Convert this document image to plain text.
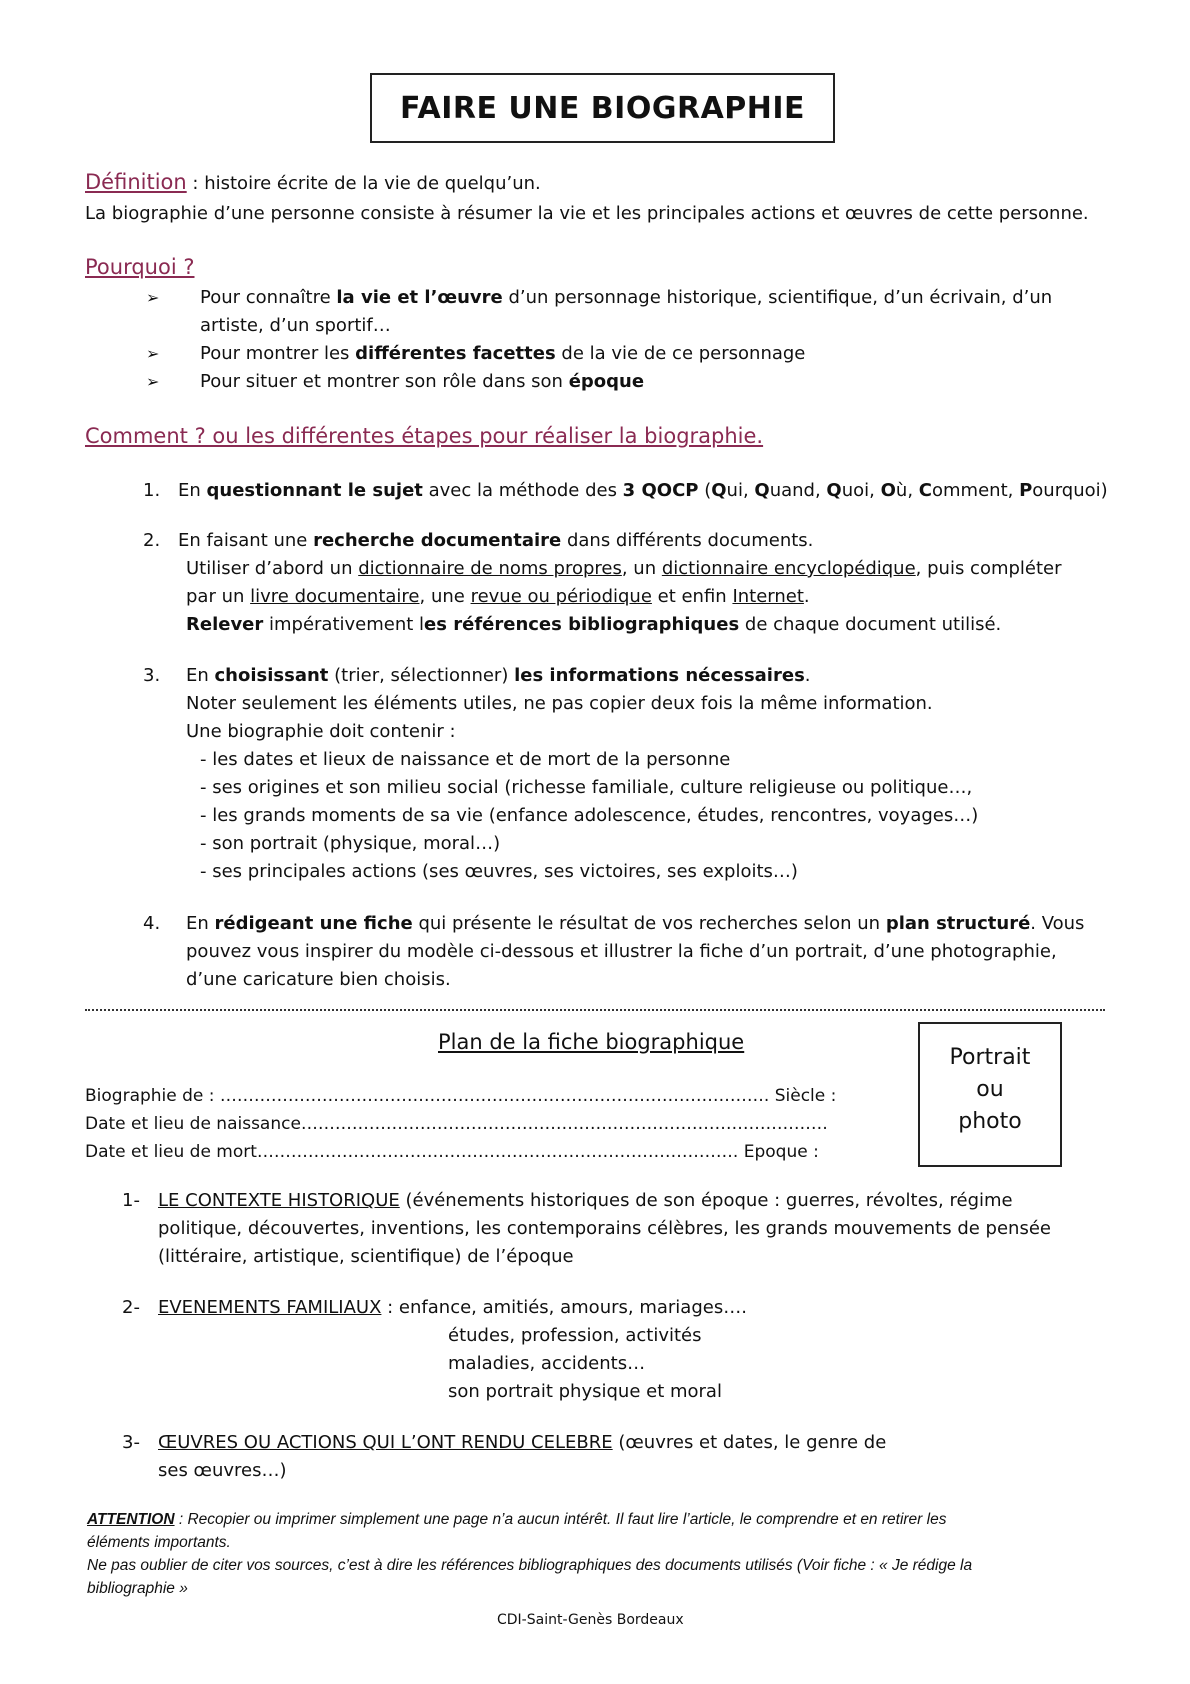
FAIRE UNE BIOGRAPHIE
Définition : histoire écrite de la vie de quelqu’un.
La biographie d’une personne consiste à résumer la vie et les principales actions et œuvres de cette personne.
Pourquoi ?
➢ Pour connaître la vie et l’œuvre d’un personnage historique, scientifique, d’un écrivain, d’un
artiste, d’un sportif…
➢ Pour montrer les différentes facettes de la vie de ce personnage
➢ Pour situer et montrer son rôle dans son époque
Comment ? ou les différentes étapes pour réaliser la biographie.
1. En questionnant le sujet avec la méthode des 3 QOCP (Qui, Quand, Quoi, Où, Comment, Pourquoi)
2. En faisant une recherche documentaire dans différents documents.
Utiliser d’abord un dictionnaire de noms propres, un dictionnaire encyclopédique, puis compléter
par un livre documentaire, une revue ou périodique et enfin Internet.
Relever impérativement les références bibliographiques de chaque document utilisé.
3. En choisissant (trier, sélectionner) les informations nécessaires.
Noter seulement les éléments utiles, ne pas copier deux fois la même information.
Une biographie doit contenir :
- les dates et lieux de naissance et de mort de la personne
- ses origines et son milieu social (richesse familiale, culture religieuse ou politique…,
- les grands moments de sa vie (enfance adolescence, études, rencontres, voyages…)
- son portrait (physique, moral…)
- ses principales actions (ses œuvres, ses victoires, ses exploits…)
4. En rédigeant une fiche qui présente le résultat de vos recherches selon un plan structuré. Vous
pouvez vous inspirer du modèle ci-dessous et illustrer la fiche d’un portrait, d’une photographie,
d’une caricature bien choisis.
Plan de la fiche biographique
Portrait
ou
photo
Biographie de : ……………………………………………………………………………………. Siècle :
Date et lieu de naissance…………………………………………………………………………………
Date et lieu de mort…………………………………………………………………………. Epoque :
1- LE CONTEXTE HISTORIQUE (événements historiques de son époque : guerres, révoltes, régime
politique, découvertes, inventions, les contemporains célèbres, les grands mouvements de pensée
(littéraire, artistique, scientifique) de l’époque
2- EVENEMENTS FAMILIAUX : enfance, amitiés, amours, mariages….
études, profession, activités
maladies, accidents…
son portrait physique et moral
3- ŒUVRES OU ACTIONS QUI L’ONT RENDU CELEBRE (œuvres et dates, le genre de
ses œuvres…)
ATTENTION : Recopier ou imprimer simplement une page n’a aucun intérêt. Il faut lire l’article, le comprendre et en retirer les
éléments importants.
Ne pas oublier de citer vos sources, c’est à dire les références bibliographiques des documents utilisés (Voir fiche : « Je rédige la
bibliographie »
CDI-Saint-Genès Bordeaux
